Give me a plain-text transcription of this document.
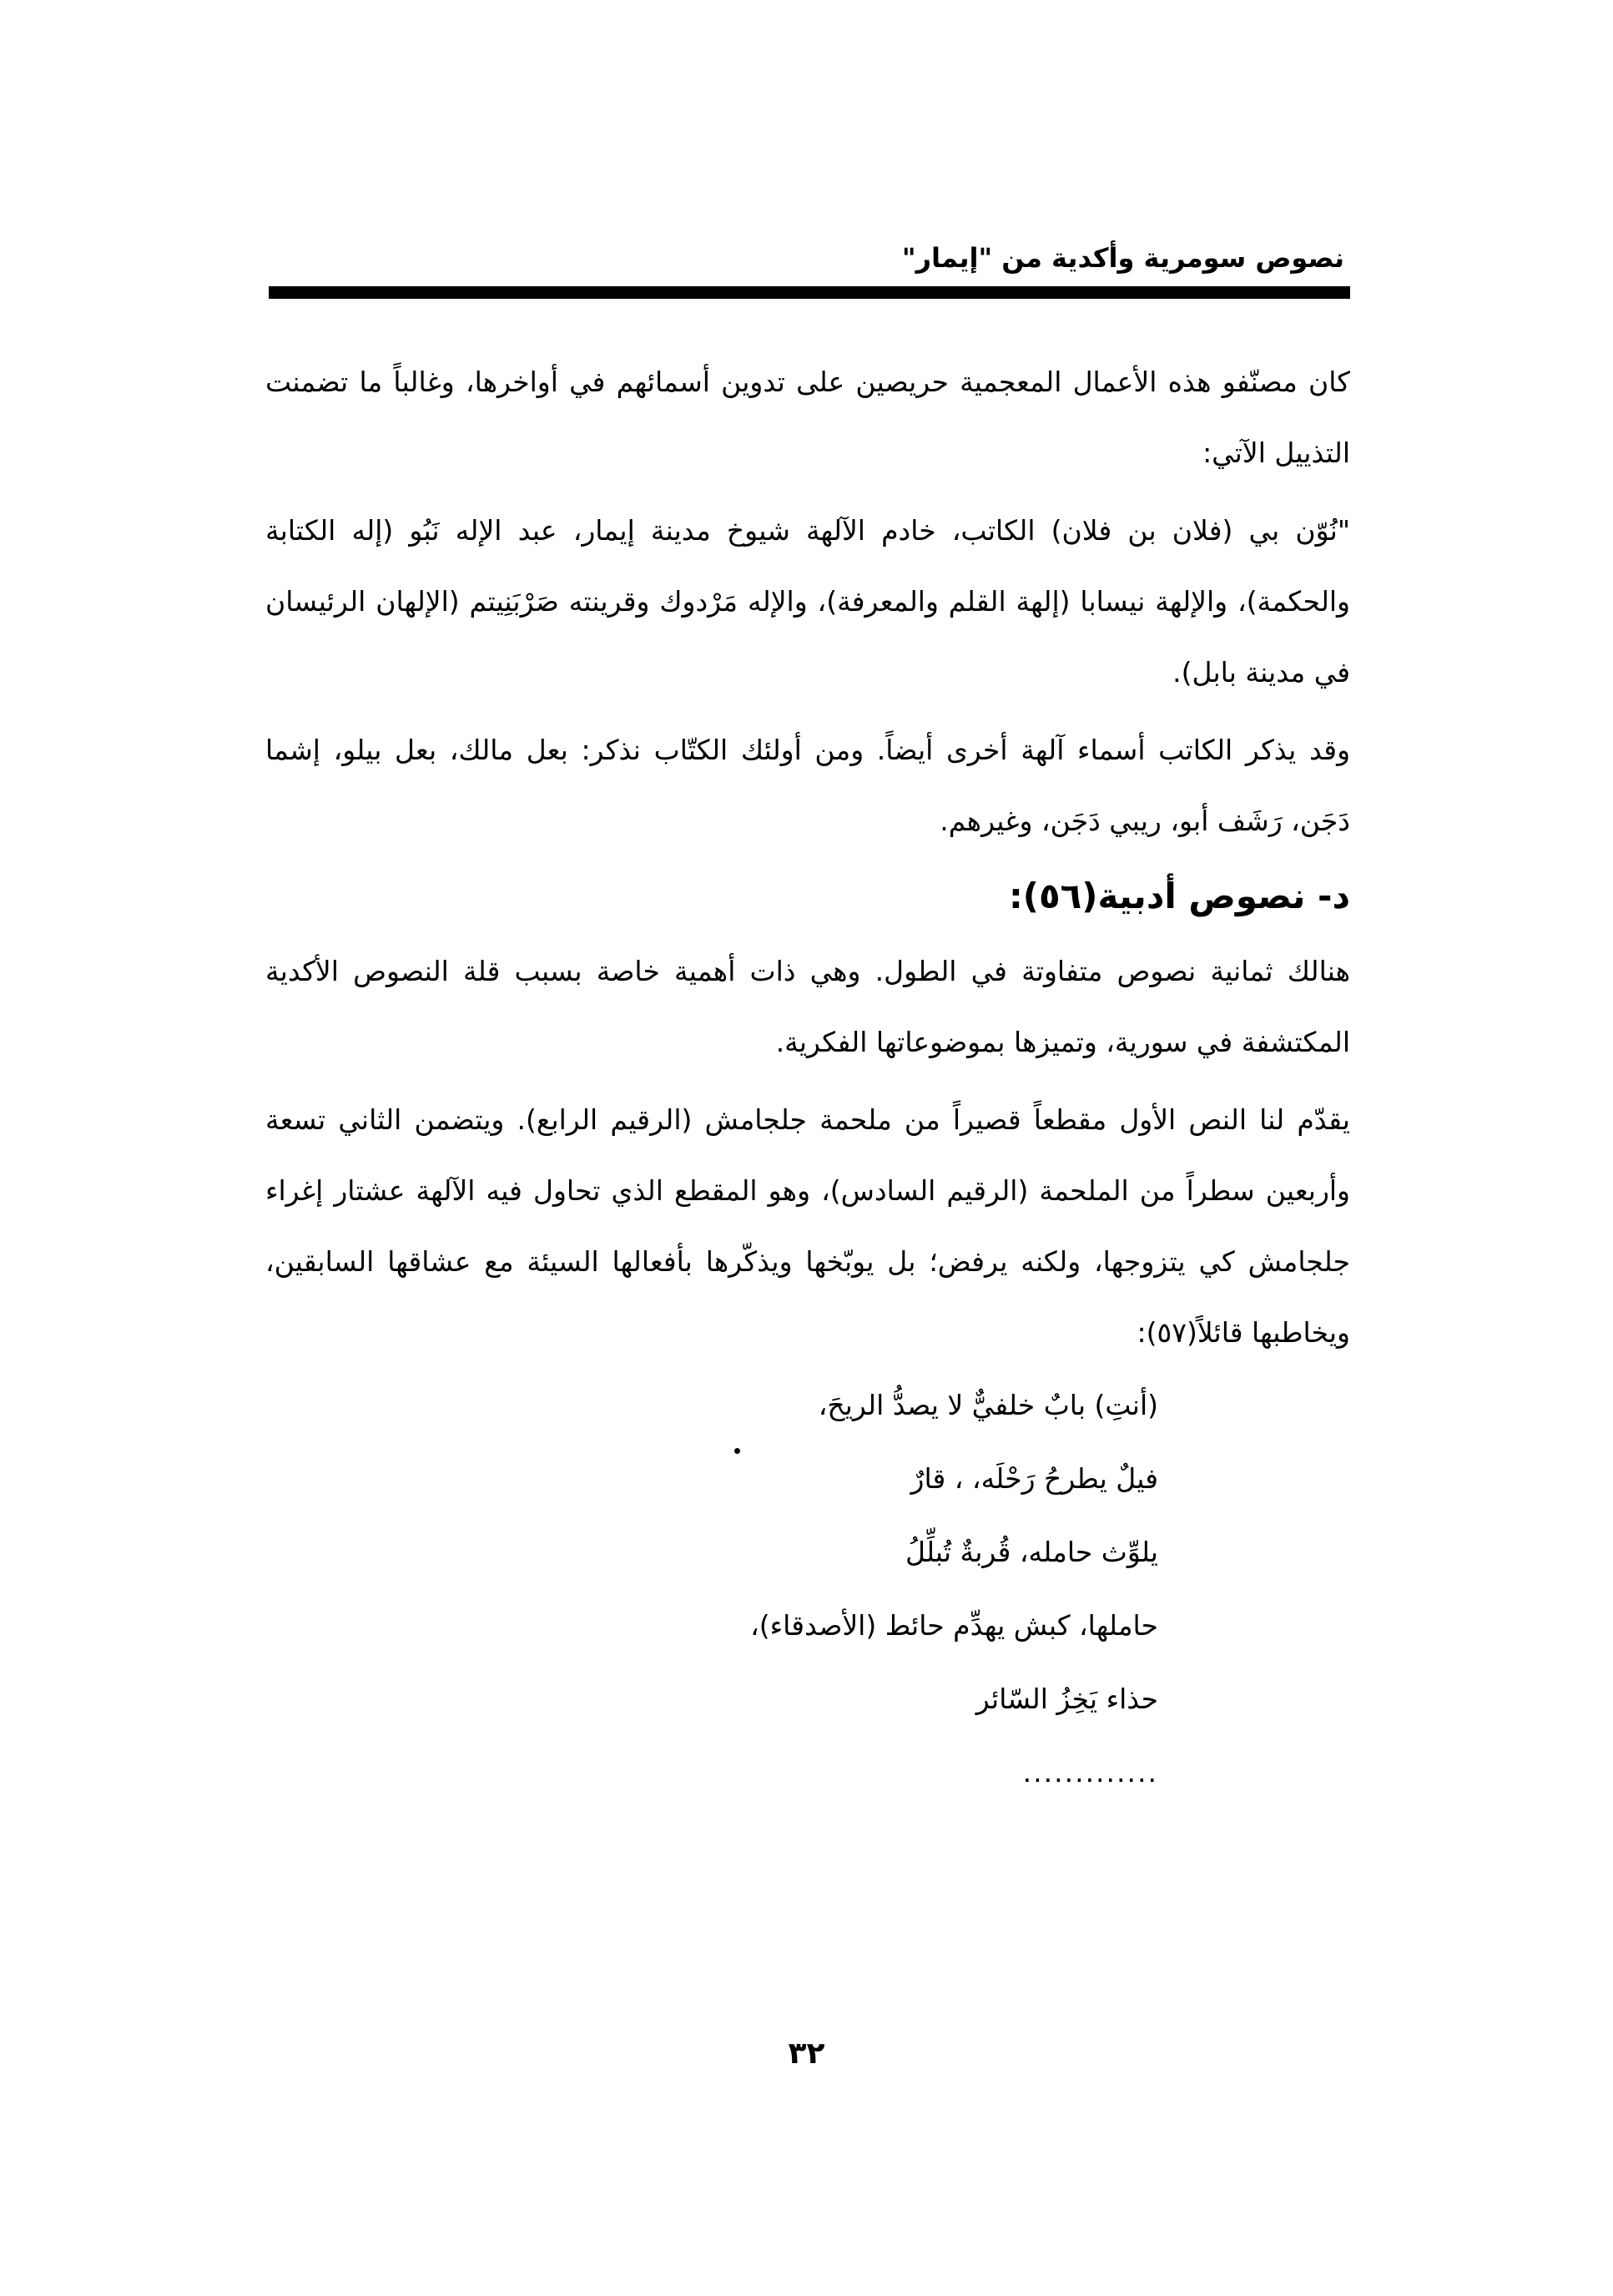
نصوص سومرية وأكدية من "إيمار"

كان مصنّفو هذه الأعمال المعجمية حريصين على تدوين أسمائهم في أواخرها، وغالباً ما تضمنت التذييل الآتي:

"نُوّن بي (فلان بن فلان) الكاتب، خادم الآلهة شيوخ مدينة إيمار، عبد الإله نَبُو (إله الكتابة والحكمة)، والإلهة نيسابا (إلهة القلم والمعرفة)، والإله مَرْدوك وقرينته صَرْبَنِيتم (الإلهان الرئيسان في مدينة بابل).

وقد يذكر الكاتب أسماء آلهة أخرى أيضاً. ومن أولئك الكتّاب نذكر: بعل مالك، بعل بيلو، إشما دَجَن، رَشَف أبو، ريبي دَجَن، وغيرهم.

د- نصوص أدبية(٥٦):

هنالك ثمانية نصوص متفاوتة في الطول. وهي ذات أهمية خاصة بسبب قلة النصوص الأكدية المكتشفة في سورية، وتميزها بموضوعاتها الفكرية.

يقدّم لنا النص الأول مقطعاً قصيراً من ملحمة جلجامش (الرقيم الرابع). ويتضمن الثاني تسعة وأربعين سطراً من الملحمة (الرقيم السادس)، وهو المقطع الذي تحاول فيه الآلهة عشتار إغراء جلجامش كي يتزوجها، ولكنه يرفض؛ بل يوبّخها ويذكّرها بأفعالها السيئة مع عشاقها السابقين، ويخاطبها قائلاً(٥٧):

(أنتِ) بابٌ خلفيٌّ لا يصدُّ الريحَ،
فيلٌ يطرحُ رَحْلَه، ، قارٌ
يلوِّث حامله، قُربةٌ تُبلِّلُ
حاملها، كبش يهدِّم حائط (الأصدقاء)،
حذاء يَخِزُ السّائر
.............
٣٢
